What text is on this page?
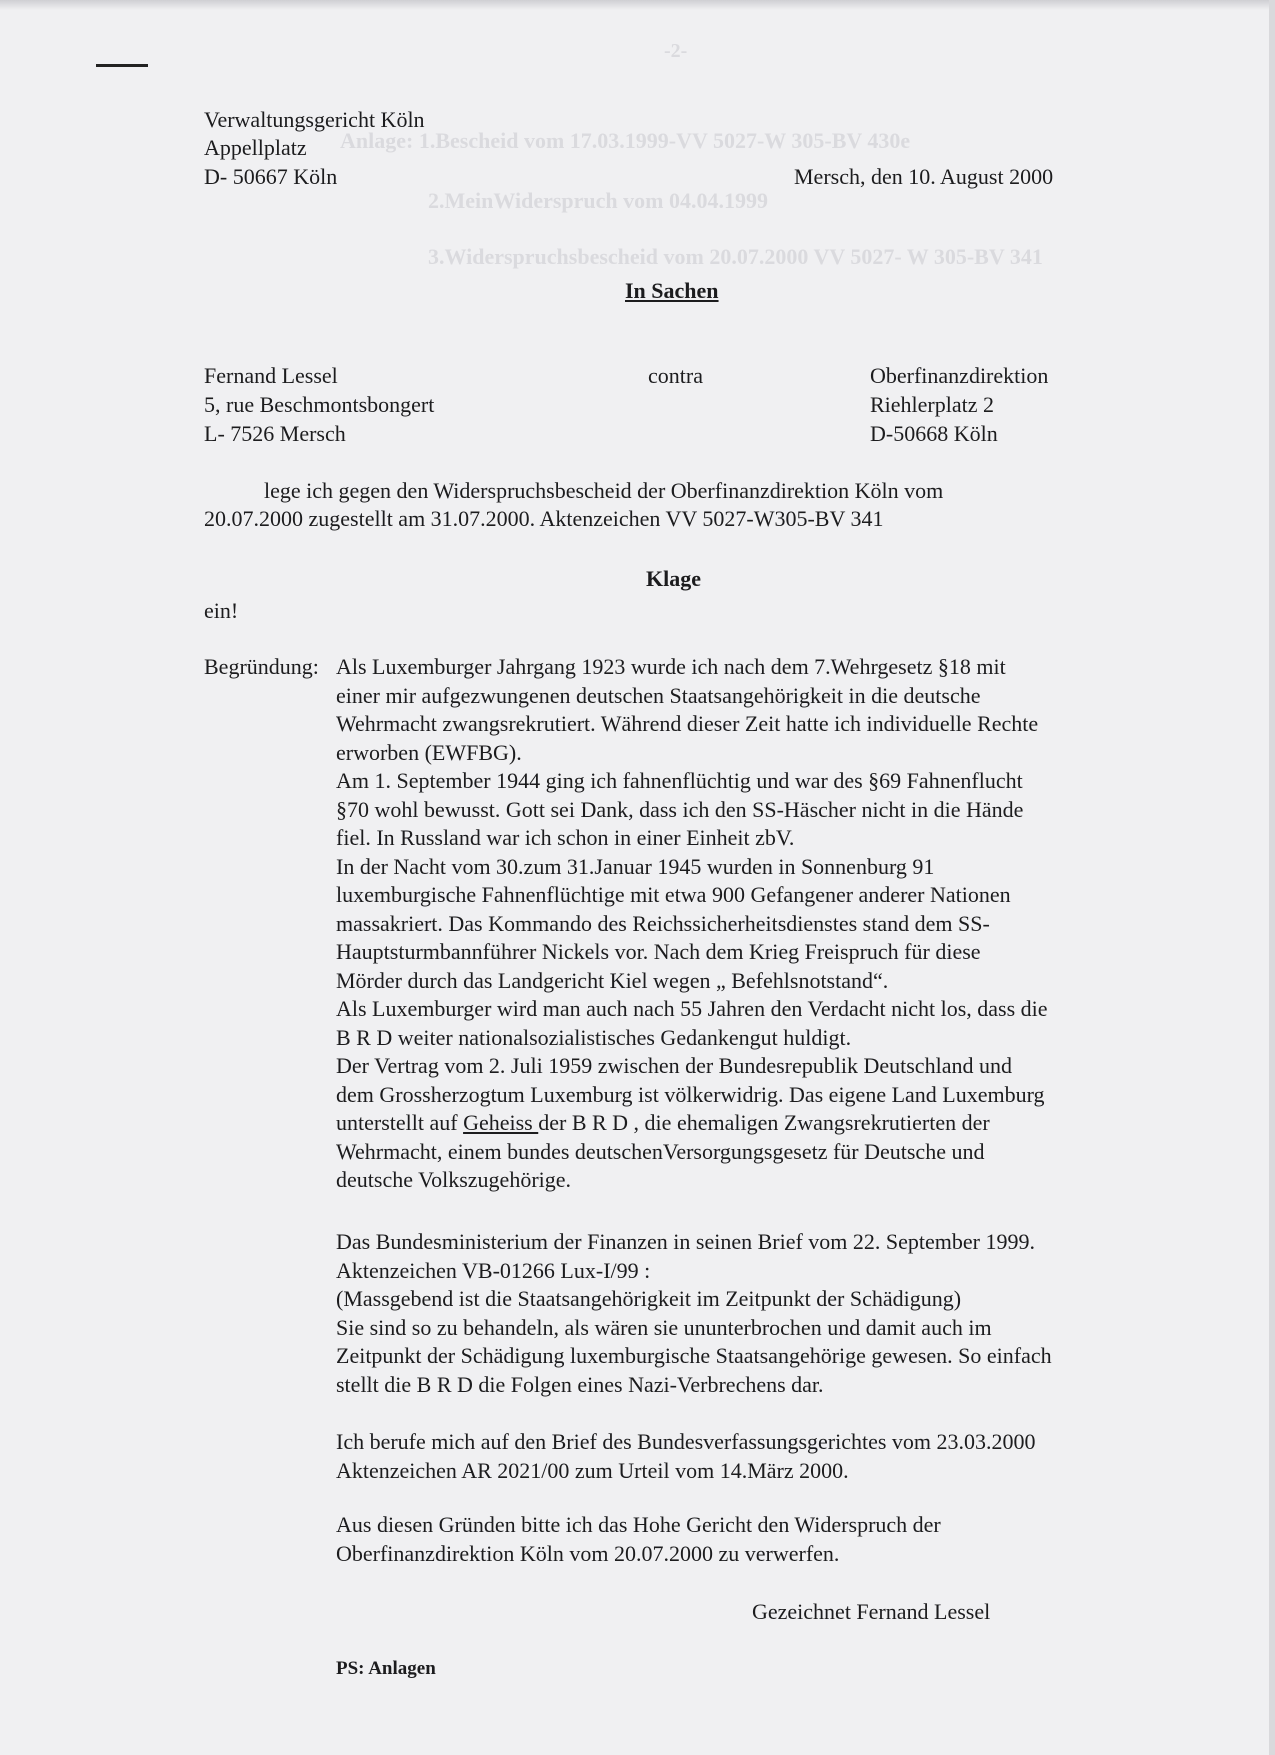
-2-
Anlage: 1.Bescheid vom 17.03.1999-VV 5027-W 305-BV 430e
2.MeinWiderspruch vom 04.04.1999
3.Widerspruchsbescheid vom 20.07.2000 VV 5027- W 305-BV 341
Verwaltungsgericht Köln
Appellplatz
D- 50667 Köln	Mersch, den 10. August 2000
In Sachen
Fernand Lessel
5, rue Beschmontsbongert
L- 7526 Mersch
contra	Oberfinanzdirektion
Riehlerplatz 2
D-50668 Köln
lege ich gegen den Widerspruchsbescheid der Oberfinanzdirektion Köln vom
20.07.2000 zugestellt am 31.07.2000. Aktenzeichen VV 5027-W305-BV 341
Klage
ein!
Begründung: Als Luxemburger Jahrgang 1923 wurde ich nach dem 7.Wehrgesetz §18 mit
einer mir aufgezwungenen deutschen Staatsangehörigkeit in die deutsche
Wehrmacht zwangsrekrutiert. Während dieser Zeit hatte ich individuelle Rechte
erworben (EWFBG).
Am 1. September 1944 ging ich fahnenflüchtig und war des §69 Fahnenflucht
§70 wohl bewusst. Gott sei Dank, dass ich den SS-Häscher nicht in die Hände
fiel. In Russland war ich schon in einer Einheit zbV.
In der Nacht vom 30.zum 31.Januar 1945 wurden in Sonnenburg 91
luxemburgische Fahnenflüchtige mit etwa 900 Gefangener anderer Nationen
massakriert. Das Kommando des Reichssicherheitsdienstes stand dem SS-
Hauptsturmbannführer Nickels vor. Nach dem Krieg Freispruch für diese
Mörder durch das Landgericht Kiel wegen „ Befehlsnotstand“.
Als Luxemburger wird man auch nach 55 Jahren den Verdacht nicht los, dass die
B R D weiter nationalsozialistisches Gedankengut huldigt.
Der Vertrag vom 2. Juli 1959 zwischen der Bundesrepublik Deutschland und
dem Grossherzogtum Luxemburg ist völkerwidrig. Das eigene Land Luxemburg
unterstellt auf Geheiss der B R D , die ehemaligen Zwangsrekrutierten der
Wehrmacht, einem bundes deutschenVersorgungsgesetz für Deutsche und
deutsche Volkszugehörige.
Das Bundesministerium der Finanzen in seinen Brief vom 22. September 1999.
Aktenzeichen VB-01266 Lux-I/99 :
(Massgebend ist die Staatsangehörigkeit im Zeitpunkt der Schädigung)
Sie sind so zu behandeln, als wären sie ununterbrochen und damit auch im
Zeitpunkt der Schädigung luxemburgische Staatsangehörige gewesen. So einfach
stellt die B R D die Folgen eines Nazi-Verbrechens dar.
Ich berufe mich auf den Brief des Bundesverfassungsgerichtes vom 23.03.2000
Aktenzeichen AR 2021/00 zum Urteil vom 14.März 2000.
Aus diesen Gründen bitte ich das Hohe Gericht den Widerspruch der
Oberfinanzdirektion Köln vom 20.07.2000 zu verwerfen.
Gezeichnet Fernand Lessel
PS: Anlagen
